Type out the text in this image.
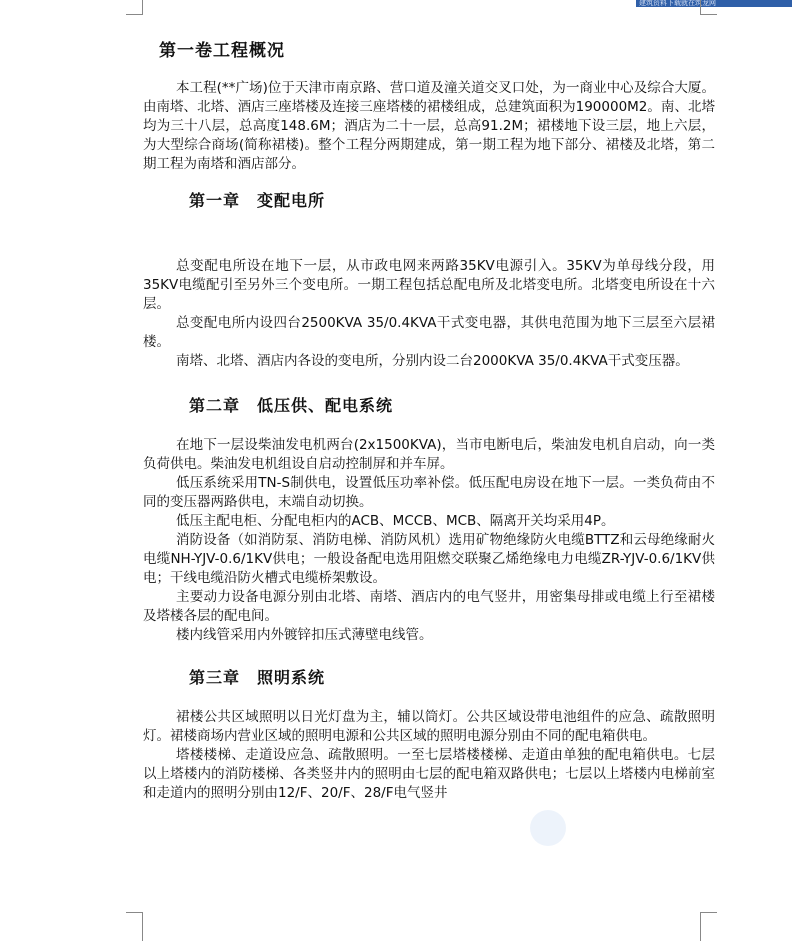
建筑资料下载就在筑龙网
第一卷工程概况

本工程(**广场)位于天津市南京路、营口道及潼关道交叉口处，为一商业中心及综合大厦。由南塔、北塔、酒店三座塔楼及连接三座塔楼的裙楼组成，总建筑面积为190000M2。南、北塔均为三十八层，总高度148.6M；酒店为二十一层，总高91.2M；裙楼地下设三层，地上六层，为大型综合商场(简称裙楼)。整个工程分两期建成，第一期工程为地下部分、裙楼及北塔，第二期工程为南塔和酒店部分。

第一章　变配电所

总变配电所设在地下一层，从市政电网来两路35KV电源引入。35KV为单母线分段，用35KV电缆配引至另外三个变电所。一期工程包括总配电所及北塔变电所。北塔变电所设在十六层。

总变配电所内设四台2500KVA 35/0.4KVA干式变电器，其供电范围为地下三层至六层裙楼。

南塔、北塔、酒店内各设的变电所，分别内设二台2000KVA 35/0.4KVA干式变压器。

第二章　低压供、配电系统

在地下一层设柴油发电机两台(2x1500KVA)，当市电断电后，柴油发电机自启动，向一类负荷供电。柴油发电机组设自启动控制屏和并车屏。

低压系统采用TN-S制供电，设置低压功率补偿。低压配电房设在地下一层。一类负荷由不同的变压器两路供电，末端自动切换。

低压主配电柜、分配电柜内的ACB、MCCB、MCB、隔离开关均采用4P。

消防设备（如消防泵、消防电梯、消防风机）选用矿物绝缘防火电缆BTTZ和云母绝缘耐火电缆NH-YJV-0.6/1KV供电；一般设备配电选用阻燃交联聚乙烯绝缘电力电缆ZR-YJV-0.6/1KV供电；干线电缆沿防火槽式电缆桥架敷设。

主要动力设备电源分别由北塔、南塔、酒店内的电气竖井，用密集母排或电缆上行至裙楼及塔楼各层的配电间。

楼内线管采用内外镀锌扣压式薄壁电线管。

第三章　照明系统

裙楼公共区域照明以日光灯盘为主，辅以筒灯。公共区域设带电池组件的应急、疏散照明灯。裙楼商场内营业区域的照明电源和公共区域的照明电源分别由不同的配电箱供电。

塔楼楼梯、走道设应急、疏散照明。一至七层塔楼楼梯、走道由单独的配电箱供电。七层以上塔楼内的消防楼梯、各类竖井内的照明由七层的配电箱双路供电；七层以上塔楼内电梯前室和走道内的照明分别由12/F、20/F、28/F电气竖井
